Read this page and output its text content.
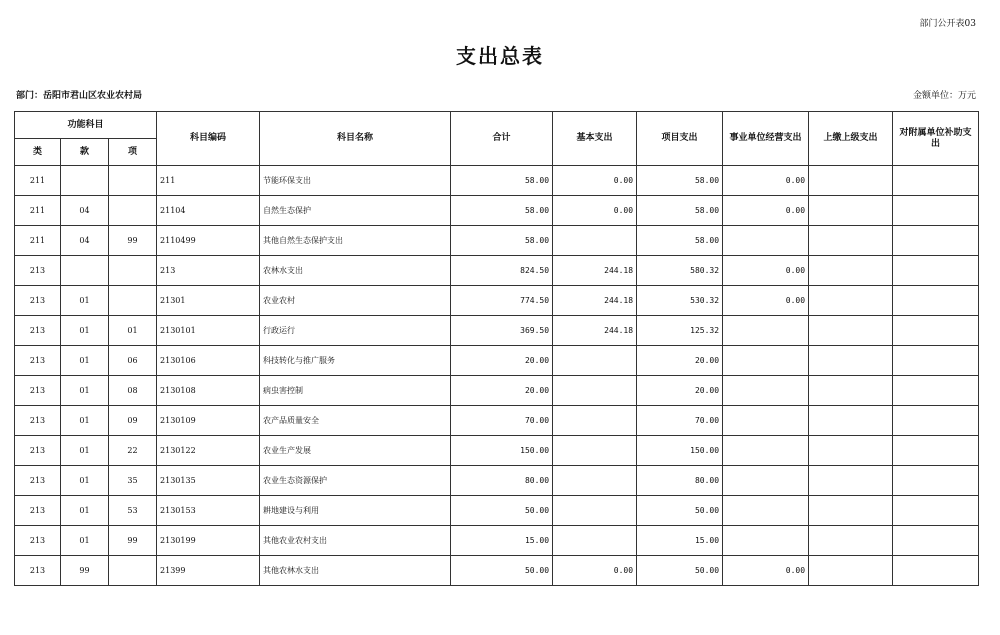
部门公开表03
支出总表
部门：岳阳市君山区农业农村局	金额单位：万元
功能科目			科目编码	科目名称	合计	基本支出	项目支出	事业单位经营支出	上缴上级支出	对附属单位补助支出
类	款	项								
211			211	节能环保支出	58.00	0.00	58.00	0.00		
211	04		21104	自然生态保护	58.00	0.00	58.00	0.00		
211	04	99	2110499	其他自然生态保护支出	58.00		58.00			
213			213	农林水支出	824.50	244.18	580.32	0.00		
213	01		21301	农业农村	774.50	244.18	530.32	0.00		
213	01	01	2130101	行政运行	369.50	244.18	125.32			
213	01	06	2130106	科技转化与推广服务	20.00		20.00			
213	01	08	2130108	病虫害控制	20.00		20.00			
213	01	09	2130109	农产品质量安全	70.00		70.00			
213	01	22	2130122	农业生产发展	150.00		150.00			
213	01	35	2130135	农业生态资源保护	80.00		80.00			
213	01	53	2130153	耕地建设与利用	50.00		50.00			
213	01	99	2130199	其他农业农村支出	15.00		15.00			
213	99		21399	其他农林水支出	50.00	0.00	50.00	0.00		
